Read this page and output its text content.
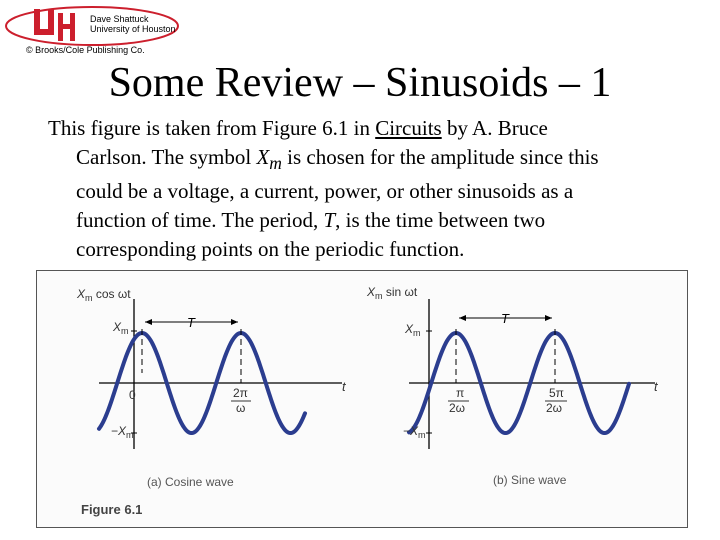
Dave Shattuck
University of Houston
© Brooks/Cole Publishing Co.
Some Review – Sinusoids – 1
This figure is taken from Figure 6.1 in Circuits by A. Bruce
Carlson. The symbol $X_m$ is chosen for the amplitude since this
could be a voltage, a current, power, or other sinusoids as a
function of time. The period, T, is the time between two
corresponding points on the periodic function.
T
$X_m$ cos ωt
$X_m$
$-X_m$
0
t
2π
ω
(a) Cosine wave
T
$X_m$ sin ωt
$X_m$
$-X_m$
t
π
2ω
5π
2ω
(b) Sine wave
Figure 6.1
